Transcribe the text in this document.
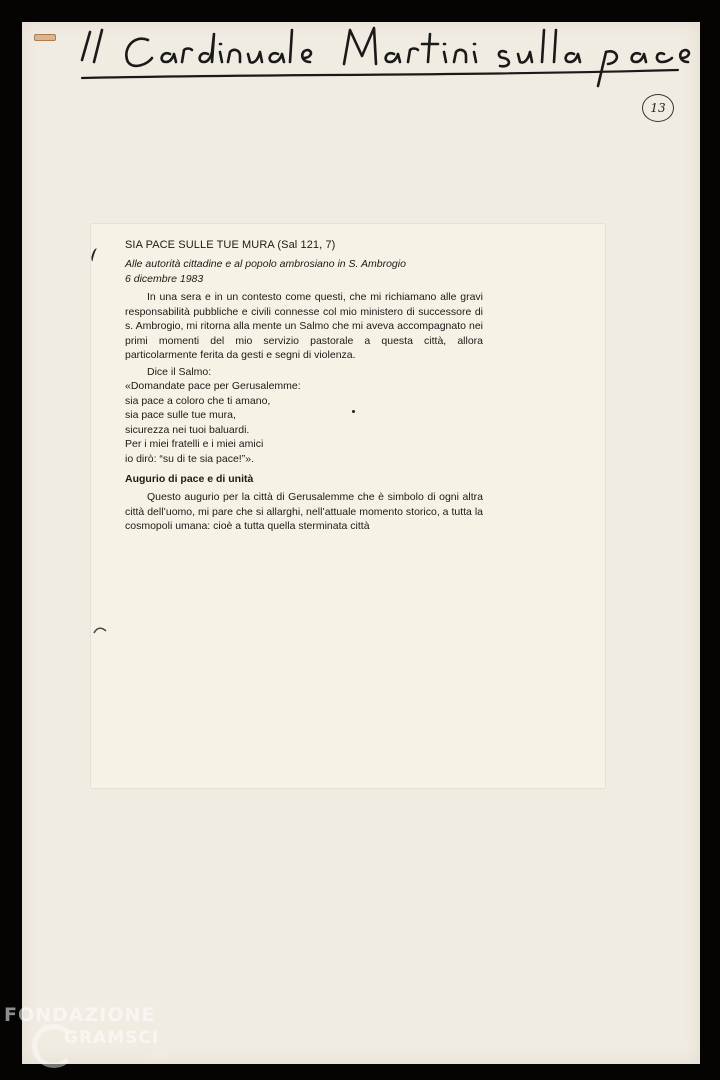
13
SIA PACE SULLE TUE MURA (Sal 121, 7)
Alle autorità cittadine e al popolo ambrosiano in S. Ambrogio
6 dicembre 1983
In una sera e in un contesto come questi, che mi richiamano alle gravi responsabilità pubbliche e civili connesse col mio ministero di successore di s. Ambrogio, mi ritorna alla mente un Salmo che mi aveva accompagnato nei primi momenti del mio servizio pastorale a questa città, allora particolarmente ferita da gesti e segni di violenza.
Dice il Salmo:
«Domandate pace per Gerusalemme:
sia pace a coloro che ti amano,
sia pace sulle tue mura,
sicurezza nei tuoi baluardi.
Per i miei fratelli e i miei amici
io dirò: “su di te sia pace!”».
Augurio di pace e di unità
Questo augurio per la città di Gerusalemme che è simbolo di ogni altra città dell’uomo, mi pare che si allarghi, nell’attuale momento storico, a tutta la cosmopoli umana: cioè a tutta quella sterminata città
FONDAZIONE
GRAMSCI
onlus
